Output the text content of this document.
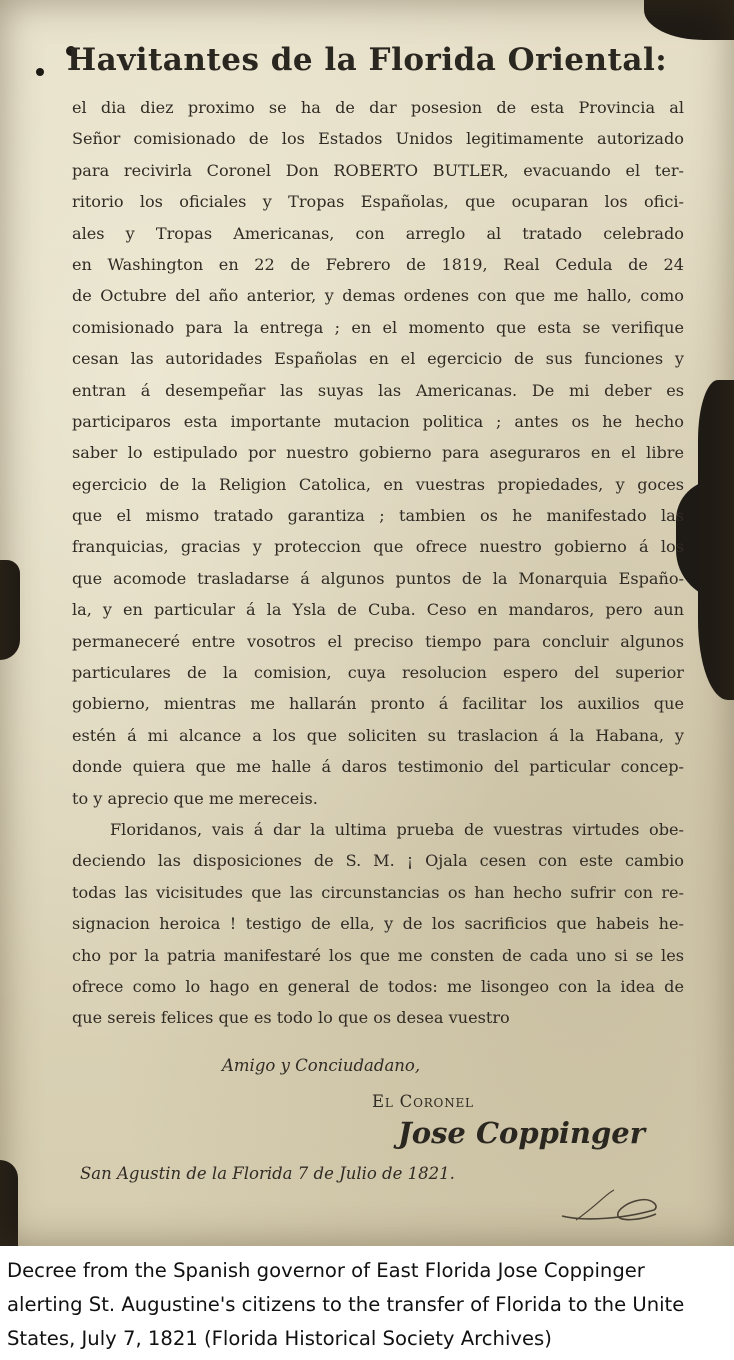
Havitantes de la Florida Oriental:
el dia diez proximo se ha de dar posesion de esta Provincia al
Señor comisionado de los Estados Unidos legitimamente autorizado
para recivirla Coronel Don ROBERTO BUTLER, evacuando el ter-
ritorio los oficiales y Tropas Españolas, que ocuparan los ofici-
ales y Tropas Americanas, con arreglo al tratado celebrado
en Washington en 22 de Febrero de 1819, Real Cedula de 24
de Octubre del año anterior, y demas ordenes con que me hallo, como
comisionado para la entrega ; en el momento que esta se verifique
cesan las autoridades Españolas en el egercicio de sus funciones y
entran á desempeñar las suyas las Americanas. De mi deber es
participaros esta importante mutacion politica ; antes os he hecho
saber lo estipulado por nuestro gobierno para aseguraros en el libre
egercicio de la Religion Catolica, en vuestras propiedades, y goces
que el mismo tratado garantiza ; tambien os he manifestado las
franquicias, gracias y proteccion que ofrece nuestro gobierno á los
que acomode trasladarse á algunos puntos de la Monarquia Españo-
la, y en particular á la Ysla de Cuba. Ceso en mandaros, pero aun
permaneceré entre vosotros el preciso tiempo para concluir algunos
particulares de la comision, cuya resolucion espero del superior
gobierno, mientras me hallarán pronto á facilitar los auxilios que
estén á mi alcance a los que soliciten su traslacion á la Habana, y
donde quiera que me halle á daros testimonio del particular concep-
to y aprecio que me mereceis.
Floridanos, vais á dar la ultima prueba de vuestras virtudes obe-
deciendo las disposiciones de S. M. ¡ Ojala cesen con este cambio
todas las vicisitudes que las circunstancias os han hecho sufrir con re-
signacion heroica ! testigo de ella, y de los sacrificios que habeis he-
cho por la patria manifestaré los que me consten de cada uno si se les
ofrece como lo hago en general de todos: me lisongeo con la idea de
que sereis felices que es todo lo que os desea vuestro
Amigo y Conciudadano,
El Coronel
Jose Coppinger
San Agustin de la Florida 7 de Julio de 1821.
Decree from the Spanish governor of East Florida Jose Coppinger
alerting St. Augustine's citizens to the transfer of Florida to the Unite
States, July 7, 1821 (Florida Historical Society Archives)
